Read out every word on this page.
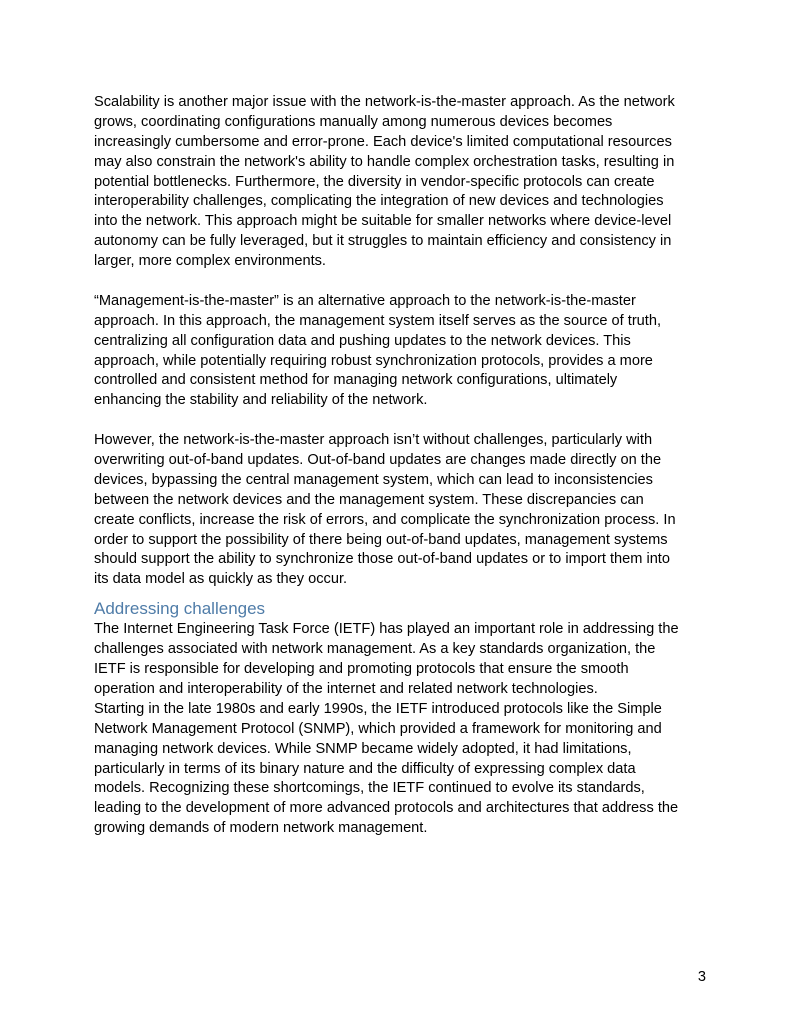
Scalability is another major issue with the network-is-the-master approach. As the network
grows, coordinating configurations manually among numerous devices becomes
increasingly cumbersome and error-prone. Each device's limited computational resources
may also constrain the network's ability to handle complex orchestration tasks, resulting in
potential bottlenecks. Furthermore, the diversity in vendor-specific protocols can create
interoperability challenges, complicating the integration of new devices and technologies
into the network. This approach might be suitable for smaller networks where device-level
autonomy can be fully leveraged, but it struggles to maintain efficiency and consistency in
larger, more complex environments.

“Management-is-the-master” is an alternative approach to the network-is-the-master
approach. In this approach, the management system itself serves as the source of truth,
centralizing all configuration data and pushing updates to the network devices. This
approach, while potentially requiring robust synchronization protocols, provides a more
controlled and consistent method for managing network configurations, ultimately
enhancing the stability and reliability of the network.

However, the network-is-the-master approach isn’t without challenges, particularly with
overwriting out-of-band updates. Out-of-band updates are changes made directly on the
devices, bypassing the central management system, which can lead to inconsistencies
between the network devices and the management system. These discrepancies can
create conflicts, increase the risk of errors, and complicate the synchronization process. In
order to support the possibility of there being out-of-band updates, management systems
should support the ability to synchronize those out-of-band updates or to import them into
its data model as quickly as they occur.

Addressing challenges

The Internet Engineering Task Force (IETF) has played an important role in addressing the
challenges associated with network management. As a key standards organization, the
IETF is responsible for developing and promoting protocols that ensure the smooth
operation and interoperability of the internet and related network technologies.

Starting in the late 1980s and early 1990s, the IETF introduced protocols like the Simple
Network Management Protocol (SNMP), which provided a framework for monitoring and
managing network devices. While SNMP became widely adopted, it had limitations,
particularly in terms of its binary nature and the difficulty of expressing complex data
models. Recognizing these shortcomings, the IETF continued to evolve its standards,
leading to the development of more advanced protocols and architectures that address the
growing demands of modern network management.

3
